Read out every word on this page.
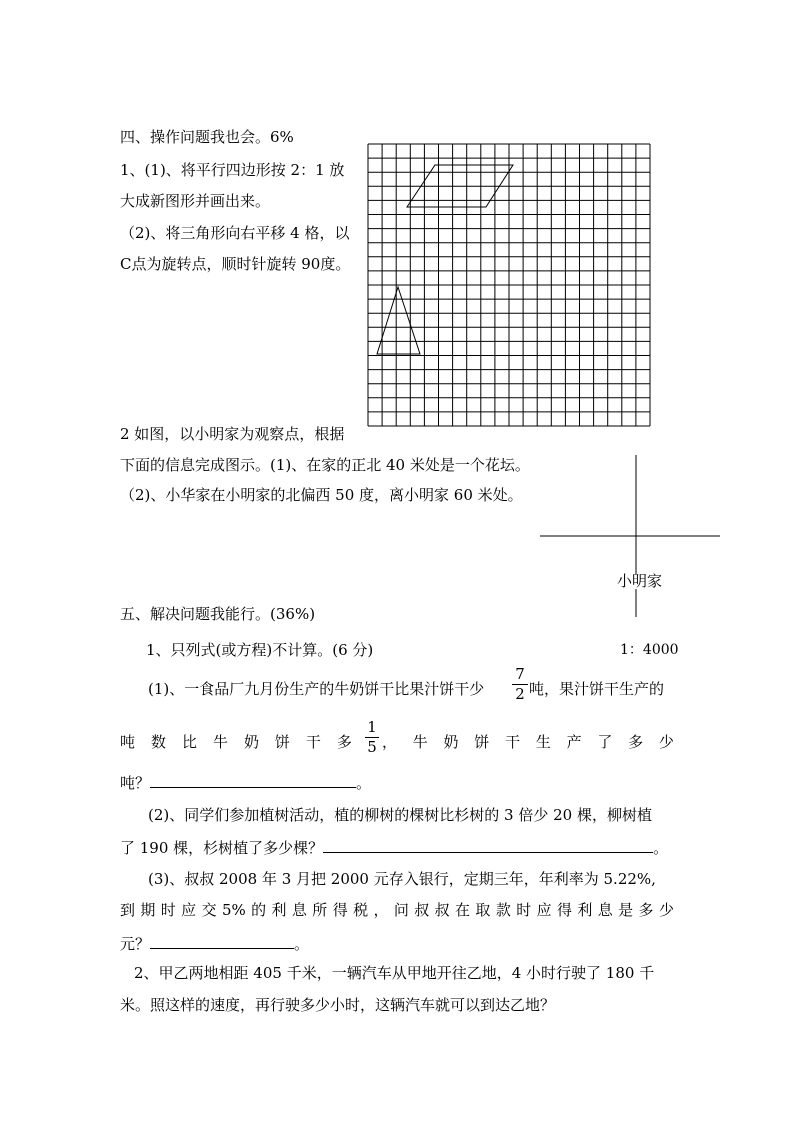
四、操作问题我也会。6%
1、(1)、将平行四边形按 2：1 放
大成新图形并画出来。
（2)、将三角形向右平移 4 格，以
C点为旋转点，顺时针旋转 90度。
2 如图，以小明家为观察点，根据
下面的信息完成图示。(1)、在家的正北 40 米处是一个花坛。
（2)、小华家在小明家的北偏西 50 度，离小明家 60 米处。
小明家
五、解决问题我能行。(36%)
1、只列式(或方程)不计算。(6 分)	1：4000
(1)、一食品厂九月份生产的牛奶饼干比果汁饼干少
7
2 吨，果汁饼干生产的
吨 数 比 牛 奶 饼 干 多
1
5 ， 牛 奶 饼 干 生 产 了 多 少
吨？	。
(2)、同学们参加植树活动，植的柳树的棵树比杉树的 3 倍少 20 棵，柳树植
了 190 棵，杉树植了多少棵？	。
(3)、叔叔 2008 年 3 月把 2000 元存入银行，定期三年，年利率为 5.22%,
到 期 时 应 交 5% 的 利 息 所 得 税 ， 问 叔 叔 在 取 款 时 应 得 利 息 是 多 少
元？	。
2、甲乙两地相距 405 千米，一辆汽车从甲地开往乙地，4 小时行驶了 180 千
米。照这样的速度，再行驶多少小时，这辆汽车就可以到达乙地？
